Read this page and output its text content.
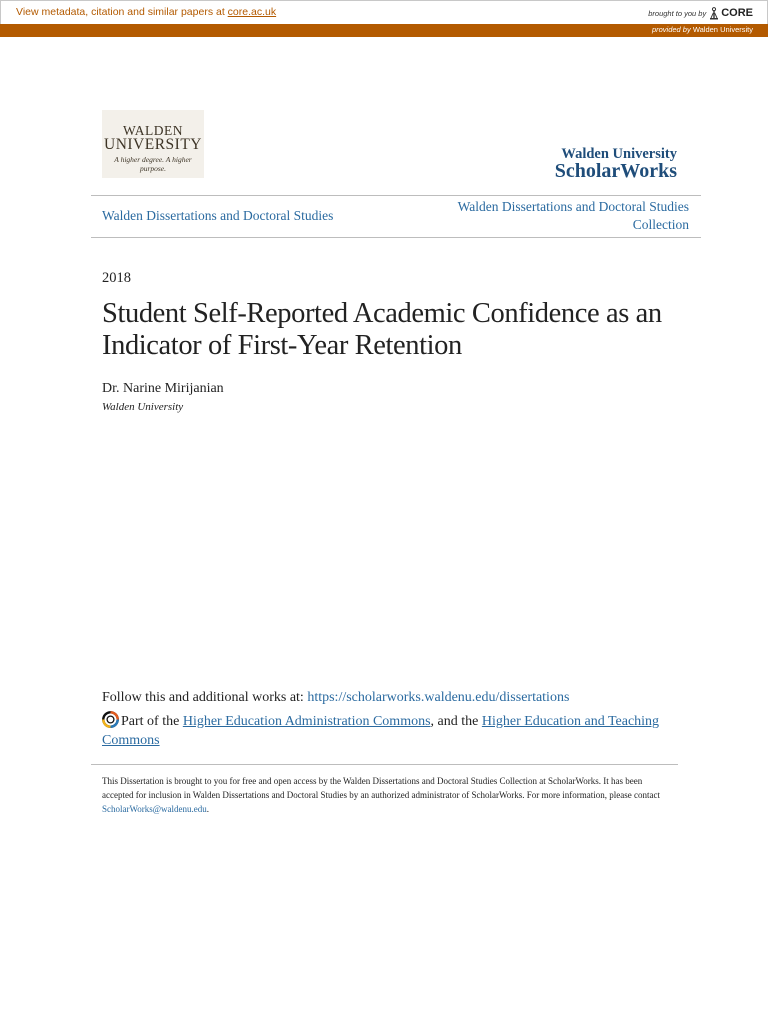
View metadata, citation and similar papers at core.ac.uk	brought to you by CORE
provided by Walden University
WALDEN
UNIVERSITY
A higher degree. A higher purpose.
Walden University
ScholarWorks
Walden Dissertations and Doctoral Studies
Walden Dissertations and Doctoral Studies Collection
2018
Student Self-Reported Academic Confidence as an Indicator of First-Year Retention
Dr. Narine Mirijanian
Walden University
Follow this and additional works at: https://scholarworks.waldenu.edu/dissertations
Part of the Higher Education Administration Commons, and the Higher Education and Teaching Commons
This Dissertation is brought to you for free and open access by the Walden Dissertations and Doctoral Studies Collection at ScholarWorks. It has been accepted for inclusion in Walden Dissertations and Doctoral Studies by an authorized administrator of ScholarWorks. For more information, please contact ScholarWorks@waldenu.edu.
